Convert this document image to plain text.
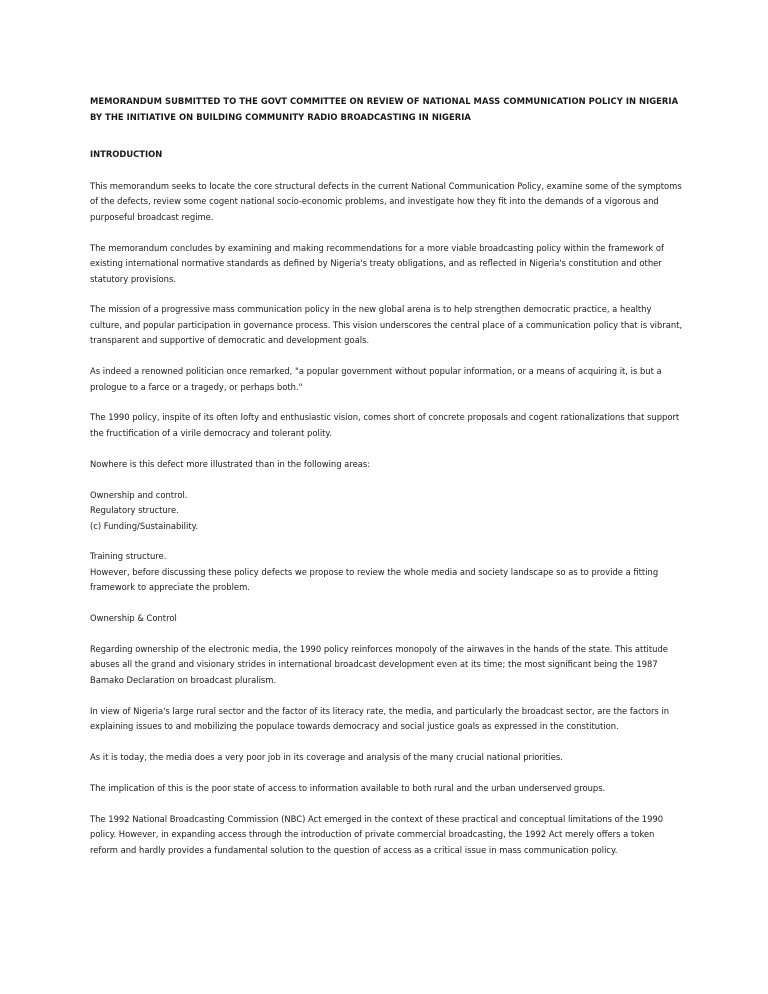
MEMORANDUM SUBMITTED TO THE GOVT COMMITTEE ON REVIEW OF NATIONAL MASS COMMUNICATION POLICY IN NIGERIA BY THE INITIATIVE ON BUILDING COMMUNITY RADIO BROADCASTING IN NIGERIA
INTRODUCTION

This memorandum seeks to locate the core structural defects in the current National Communication Policy, examine some of the symptoms of the defects, review some cogent national socio-economic problems, and investigate how they fit into the demands of a vigorous and purposeful broadcast regime.

The memorandum concludes by examining and making recommendations for a more viable broadcasting policy within the framework of existing international normative standards as defined by Nigeria's treaty obligations, and as reflected in Nigeria's constitution and other statutory provisions.

The mission of a progressive mass communication policy in the new global arena is to help strengthen democratic practice, a healthy culture, and popular participation in governance process. This vision underscores the central place of a communication policy that is vibrant, transparent and supportive of democratic and development goals.

As indeed a renowned politician once remarked, "a popular government without popular information, or a means of acquiring it, is but a prologue to a farce or a tragedy, or perhaps both."

The 1990 policy, inspite of its often lofty and enthusiastic vision, comes short of concrete proposals and cogent rationalizations that support the fructification of a virile democracy and tolerant polity.

Nowhere is this defect more illustrated than in the following areas:

Ownership and control.
Regulatory structure.
(c) Funding/Sustainability.
Training structure.
However, before discussing these policy defects we propose to review the whole media and society landscape so as to provide a fitting framework to appreciate the problem.

Ownership & Control

Regarding ownership of the electronic media, the 1990 policy reinforces monopoly of the airwaves in the hands of the state. This attitude abuses all the grand and visionary strides in international broadcast development even at its time; the most significant being the 1987 Bamako Declaration on broadcast pluralism.

In view of Nigeria's large rural sector and the factor of its literacy rate, the media, and particularly the broadcast sector, are the factors in explaining issues to and mobilizing the populace towards democracy and social justice goals as expressed in the constitution.

As it is today, the media does a very poor job in its coverage and analysis of the many crucial national priorities.

The implication of this is the poor state of access to information available to both rural and the urban underserved groups.

The 1992 National Broadcasting Commission (NBC) Act emerged in the context of these practical and conceptual limitations of the 1990 policy. However, in expanding access through the introduction of private commercial broadcasting, the 1992 Act merely offers a token reform and hardly provides a fundamental solution to the question of access as a critical issue in mass communication policy.
